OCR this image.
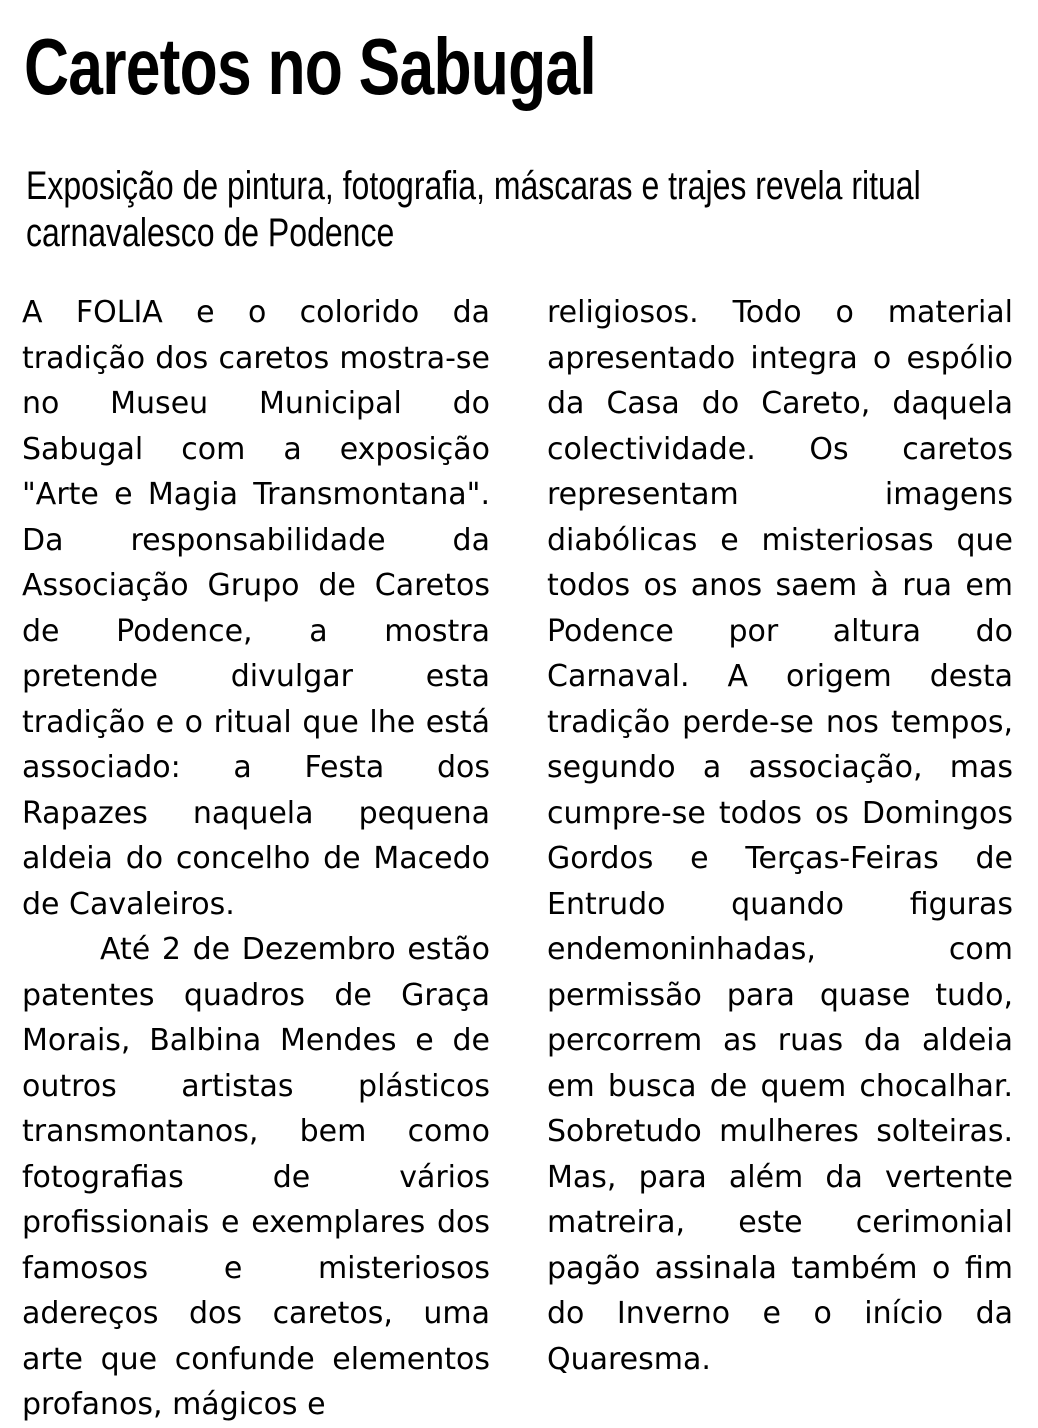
Caretos no Sabugal
Exposição de pintura, fotografia, máscaras e trajes revela ritual carnavalesco de Podence

A FOLIA e o colorido da tradição dos caretos mostra-se no Museu Municipal do Sabugal com a exposição "Arte e Magia Transmontana". Da responsabilidade da Associação Grupo de Caretos de Podence, a mostra pretende divulgar esta tradição e o ritual que lhe está associado: a Festa dos Rapazes naquela pequena aldeia do concelho de Macedo de Cavaleiros.

Até 2 de Dezembro estão patentes quadros de Graça Morais, Balbina Mendes e de outros artistas plásticos transmontanos, bem como fotografias de vários profissionais e exemplares dos famosos e misteriosos adereços dos caretos, uma arte que confunde elementos profanos, mágicos e

religiosos. Todo o material apresentado integra o espólio da Casa do Careto, daquela colectividade. Os caretos representam imagens diabólicas e misteriosas que todos os anos saem à rua em Podence por altura do Carnaval. A origem desta tradição perde-se nos tempos, segundo a associação, mas cumpre-se todos os Domingos Gordos e Terças-Feiras de Entrudo quando figuras endemoninhadas, com permissão para quase tudo, percorrem as ruas da aldeia em busca de quem chocalhar. Sobretudo mulheres solteiras. Mas, para além da vertente matreira, este cerimonial pagão assinala também o fim do Inverno e o início da Quaresma.
